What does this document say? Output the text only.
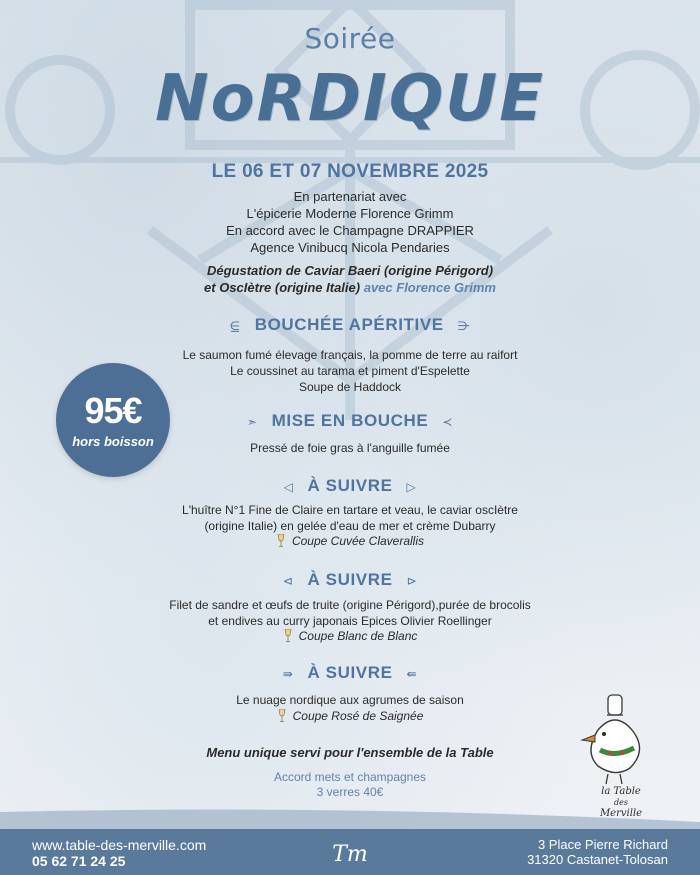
Soirée
NoRDIQUE
LE 06 ET 07 NOVEMBRE 2025
En partenariat avec
L'épicerie Moderne Florence Grimm
En accord avec le Champagne DRAPPIER
Agence Vinibucq Nicola Pendaries
Dégustation de Caviar Baeri (origine Périgord)
et OscIètre (origine Italie) avec Florence Grimm
⋸ BOUCHÉE APÉRITIVE ⋺
Le saumon fumé élevage français, la pomme de terre au raifort
Le coussinet au tarama et piment d'Espelette
Soupe de Haddock
➣ MISE EN BOUCHE ≺
Pressé de foie gras à l'anguille fumée
◁ À SUIVRE ▷
L'huître N°1 Fine de Claire en tartare et veau, le caviar oscIètre
(origine Italie) en gelée d'eau de mer et crème Dubarry
Coupe Cuvée Claverallis
⊲ À SUIVRE ⊳
Filet de sandre et œufs de truite (origine Périgord),purée de brocolis
et endives au curry japonais Epices Olivier Roellinger
Coupe Blanc de Blanc
⇛ À SUIVRE ⇚
Le nuage nordique aux agrumes de saison
Coupe Rosé de Saignée
95€
hors boisson
Menu unique servi pour l'ensemble de la Table
Accord mets et champagnes
3 verres 40€	la Table
des
Merville
www.table-des-merville.com
05 62 71 24 25	Tm	3 Place Pierre Richard
31320 Castanet-Tolosan
